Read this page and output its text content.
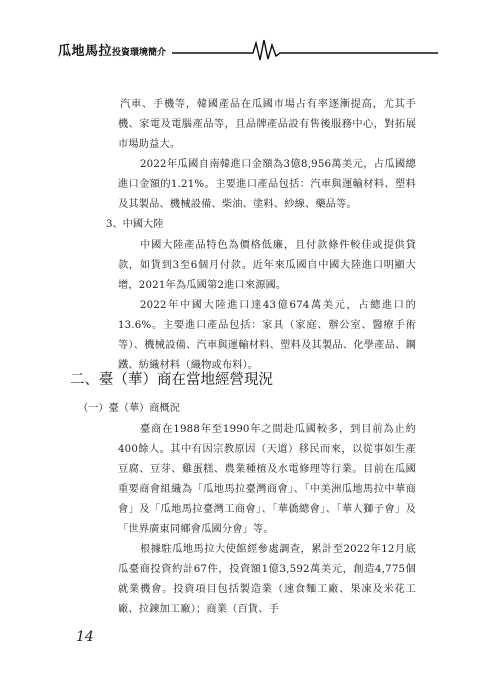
瓜地馬拉投資環境簡介

汽車、手機等，韓國產品在瓜國市場占有率逐漸提高，尤其手機、家電及電腦產品等，且品牌產品設有售後服務中心，對拓展市場助益大。

2022年瓜國自南韓進口金額為3億8,956萬美元，占瓜國總進口金額的1.21%。主要進口產品包括：汽車與運輸材料、塑料及其製品、機械設備、柴油、塗料、紗線、藥品等。

3、中國大陸

中國大陸產品特色為價格低廉，且付款條件較佳或提供貸款，如貨到3至6個月付款。近年來瓜國自中國大陸進口明顯大增，2021年為瓜國第2進口來源國。

2022年中國大陸進口達43億674萬美元，占總進口的13.6%。主要進口產品包括：家具（家庭、辦公室、醫療手術等）、機械設備、汽車與運輸材料、塑料及其製品、化學產品、鋼鐵、紡織材料（織物或布料）。

二、臺（華）商在當地經營現況

（一）臺（華）商概況

臺商在1988年至1990年之間赴瓜國較多，到目前為止約400餘人。其中有因宗教原因（天道）移民而來，以從事如生產豆腐、豆芽、雞蛋糕、農業種植及水電修理等行業。目前在瓜國重要商會組織為「瓜地馬拉臺灣商會」、「中美洲瓜地馬拉中華商會」及「瓜地馬拉臺灣工商會」、「華僑總會」、「華人獅子會」及「世界廣東同鄉會瓜國分會」等。

根據駐瓜地馬拉大使館經參處調查，累計至2022年12月底瓜臺商投資約計67件，投資額1億3,592萬美元，創造4,775個就業機會。投資項目包括製造業（速食麵工廠、果凍及米花工廠、拉鍊加工廠）；商業（百貨、手

14
